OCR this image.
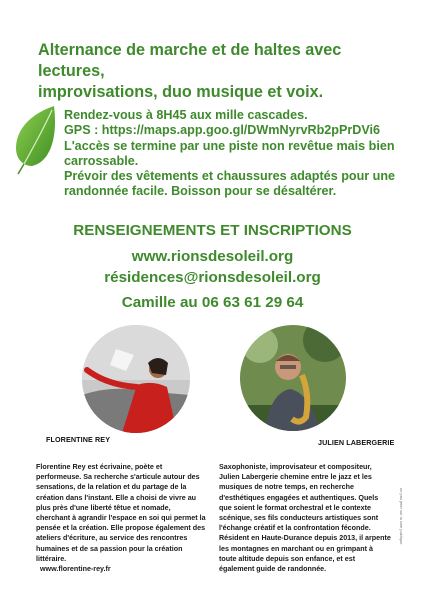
Alternance de marche et de haltes avec lectures,
improvisations, duo musique et voix.

Rendez-vous à 8H45 aux mille cascades.

GPS : https://maps.app.goo.gl/DWmNyrvRb2pPrDVi6

L'accès se termine par une piste non revêtue mais bien carrossable.

Prévoir des vêtements et chaussures adaptés pour une randonnée facile. Boisson pour se désaltérer.

RENSEIGNEMENTS ET INSCRIPTIONS
www.rionsdesoleil.org
résidences@rionsdesoleil.org
Camille au 06 63 61 29 64
FLORENTINE REY	JULIEN LABERGERIE
Florentine Rey est écrivaine, poète et performeuse. Sa recherche s'articule autour des sensations, de la relation et du partage de la création dans l'instant. Elle a choisi de vivre au plus près d'une liberté têtue et nomade, cherchant à agrandir l'espace en soi qui permet la pensée et la création. Elle propose également des ateliers d'écriture, au service des rencontres humaines et de sa passion pour la création littéraire.
www.florentine-rey.fr

Saxophoniste, improvisateur et compositeur, Julien Labergerie chemine entre le jazz et les musiques de notre temps, en recherche d'esthétiques engagées et authentiques. Quels que soient le format orchestral et le contexte scénique, ses fils conducteurs artistiques sont l'échange créatif et la confrontation féconde. Résident en Haute-Durance depuis 2013, il arpente les montagnes en marchant ou en grimpant à toute altitude depuis son enfance, et est également guide de randonnée.

ne pas jeter sur la voie publique
